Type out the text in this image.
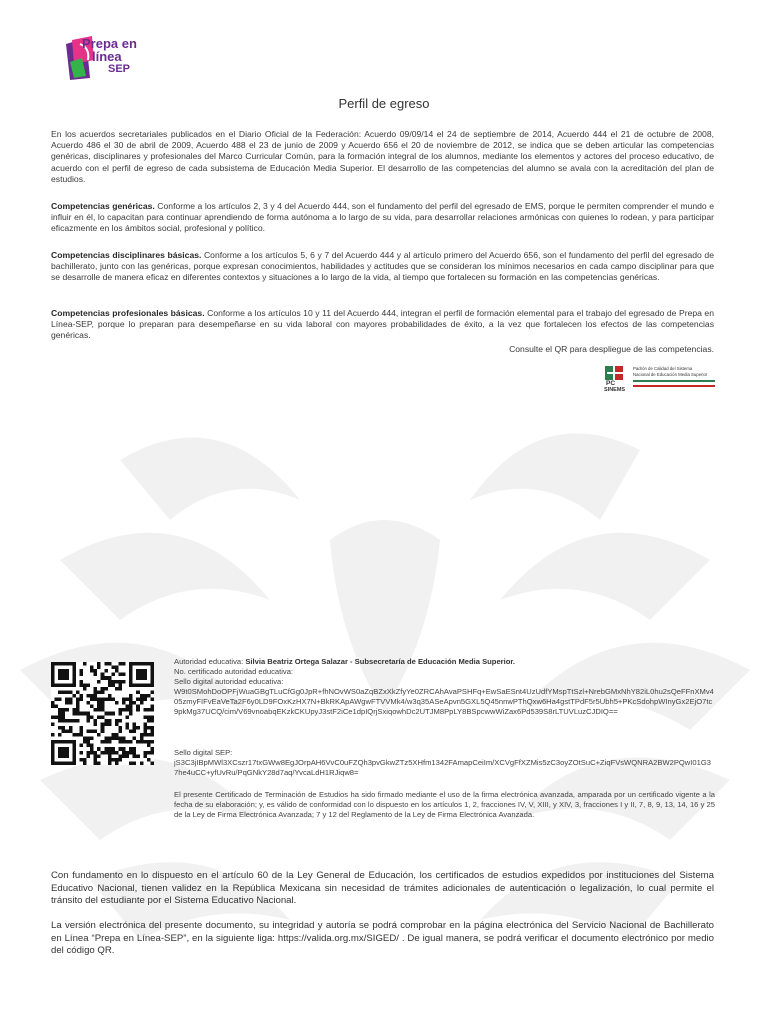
Prepa en
línea
SEP
Perfil de egreso

En los acuerdos secretariales publicados en el Diario Oficial de la Federación: Acuerdo 09/09/14 el 24 de septiembre de 2014, Acuerdo 444 el 21 de octubre de 2008, Acuerdo 486 el 30 de abril de 2009, Acuerdo 488 el 23 de junio de 2009 y Acuerdo 656 el 20 de noviembre de 2012, se indica que se deben articular las competencias genéricas, disciplinares y profesionales del Marco Curricular Común, para la formación integral de los alumnos, mediante los elementos y actores del proceso educativo, de acuerdo con el perfil de egreso de cada subsistema de Educación Media Superior. El desarrollo de las competencias del alumno se avala con la acreditación del plan de estudios.

Competencias genéricas. Conforme a los artículos 2, 3 y 4 del Acuerdo 444, son el fundamento del perfil del egresado de EMS, porque le permiten comprender el mundo e influir en él, lo capacitan para continuar aprendiendo de forma autónoma a lo largo de su vida, para desarrollar relaciones armónicas con quienes lo rodean, y para participar eficazmente en los ámbitos social, profesional y político.

Competencias disciplinares básicas. Conforme a los artículos 5, 6 y 7 del Acuerdo 444 y al artículo primero del Acuerdo 656, son el fundamento del perfil del egresado de bachillerato, junto con las genéricas, porque expresan conocimientos, habilidades y actitudes que se consideran los mínimos necesarios en cada campo disciplinar para que se desarrolle de manera eficaz en diferentes contextos y situaciones a lo largo de la vida, al tiempo que fortalecen su formación en las competencias genéricas.

Competencias profesionales básicas. Conforme a los artículos 10 y 11 del Acuerdo 444, integran el perfil de formación elemental para el trabajo del egresado de Prepa en Línea-SEP, porque lo preparan para desempeñarse en su vida laboral con mayores probabilidades de éxito, a la vez que fortalecen los efectos de las competencias genéricas.

Consulte el QR para despliegue de las competencias.
PC
SINEMS
Padrón de Calidad del Sistema
Nacional de Educación Media Superior
Autoridad educativa: Silvia Beatriz Ortega Salazar - Subsecretaría de Educación Media Superior.
No. certificado autoridad educativa:
Sello digital autoridad educativa:
W9t0SMohDoOPFjWuaGBgTLuCfGg0JpR+fhNOvWS0aZqBZxXkZfyYe0ZRCAhAvaPSHFq+EwSaESnt4UzUdfYMspTtSzl+NrebGMxNhY82iL0hu2sQeFFnXMv405zmyFIFvEaVeTa2F6y0LD9FOxKzHX7N+BkRKApAWgwFTVVMk4/w3q35ASeApvn5GXL5Q45nnwPThQxw6Ha4gstTPdF5r5Ubh5+PKcSdohpWInyGx2EjO7tc9pkMg37UCQ/cim/V69vnoabqEKzkCKUpyJ3stF2iCe1dpIQrjSxiqowhDc2UTJM8PpLY8BSpcwwWiZax6Pd539S8rLTUVLuzCJDIQ==
Sello digital SEP:
jS3C3jIBpMWl3XCszr17txGWw8EgJOrpAH6VvC0uFZQh3pvGkwZTz5XHfm1342FAmapCeiIm/XCVgFfXZMis5zC3oyZOtSuC+ZiqFVsWQNRA2BW2PQwI01G37he4uCC+yfUvRu/PqGNkY28d7aq/YvcaLdH1RJiqw8=
El presente Certificado de Terminación de Estudios ha sido firmado mediante el uso de la firma electrónica avanzada, amparada por un certificado vigente a la fecha de su elaboración; y, es válido de conformidad con lo dispuesto en los artículos 1, 2, fracciones IV, V, XIII, y XIV, 3, fracciones I y II, 7, 8, 9, 13, 14, 16 y 25 de la Ley de Firma Electrónica Avanzada; 7 y 12 del Reglamento de la Ley de Firma Electrónica Avanzada.

Con fundamento en lo dispuesto en el artículo 60 de la Ley General de Educación, los certificados de estudios expedidos por instituciones del Sistema Educativo Nacional, tienen validez en la República Mexicana sin necesidad de trámites adicionales de autenticación o legalización, lo cual permite el tránsito del estudiante por el Sistema Educativo Nacional.

La versión electrónica del presente documento, su integridad y autoría se podrá comprobar en la página electrónica del Servicio Nacional de Bachillerato en Línea “Prepa en Línea-SEP”, en la siguiente liga: https://valida.org.mx/SIGED/ . De igual manera, se podrá verificar el documento electrónico por medio del código QR.
